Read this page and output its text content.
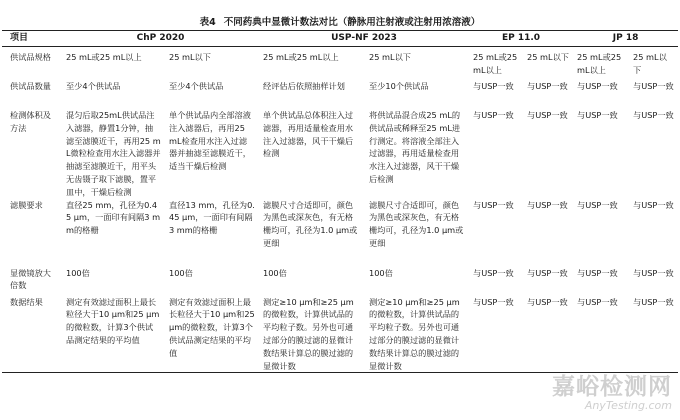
表4 不同药典中显微计数法对比（静脉用注射液或注射用浓溶液）
项目	ChP 2020		USP-NF 2023		EP 11.0		JP 18	
供试品规格	25 mL或25 mL以上	25 mL以下	25 mL或25 mL以上	25 mL以下	25 mL或25 mL以上	25 mL以下	25 mL或25 mL以上	25 mL以下
供试品数量	至少4个供试品	至少4个供试品	经评估后依照抽样计划	至少10个供试品	与USP一致	与USP一致	与USP一致	与USP一致
检测体积及方法	混匀后取25mL供试品注入滤器，静置1分钟，抽滤至滤膜近干，再用25 mL微粒检查用水注入滤器并抽滤至滤膜近干，用平头无齿镊子取下滤膜，置平皿中，干燥后检测	单个供试品内全部溶液注入滤器后，再用25 mL检查用水注入过滤器并抽滤至滤膜近干，适当干燥后检测	单个供试品总体积注入过滤器，再用适量检查用水注入过滤器，风干干燥后检测	将供试品混合成25 mL的供试品或稀释至25 mL进行测定。将溶液全部注入过滤器，再用适量检查用水注入过滤器，风干干燥后检测	与USP一致	与USP一致	与USP一致	与USP一致
滤膜要求	直径25 mm，孔径为0.45 μm，一面印有间隔3 mm的格栅	直径13 mm，孔径为0.45 μm，一面印有间隔3 mm的格栅	滤膜尺寸合适即可，颜色为黑色或深灰色，有无格栅均可，孔径为1.0 μm或更细	滤膜尺寸合适即可，颜色为黑色或深灰色，有无格栅均可，孔径为1.0 μm或更细	与USP一致	与USP一致	与USP一致	与USP一致
显微镜放大倍数	100倍	100倍	100倍	100倍	与USP一致	与USP一致	与USP一致	与USP一致
数据结果	测定有效滤过面积上最长粒径大于10 μm和25 μm的微粒数，计算3个供试品测定结果的平均值	测定有效滤过面积上最长粒径大于10 μm和25 μm的微粒数，计算3个供试品测定结果的平均值	测定≥10 μm和≥25 μm的微粒数，计算供试品的平均粒子数。另外也可通过部分的膜过滤的显微计数结果计算总的膜过滤的显微计数	测定≥10 μm和≥25 μm的微粒数，计算供试品的平均粒子数。另外也可通过部分的膜过滤的显微计数结果计算总的膜过滤的显微计数	与USP一致	与USP一致	与USP一致	与USP一致
嘉峪检测网
AnyTesting.com
